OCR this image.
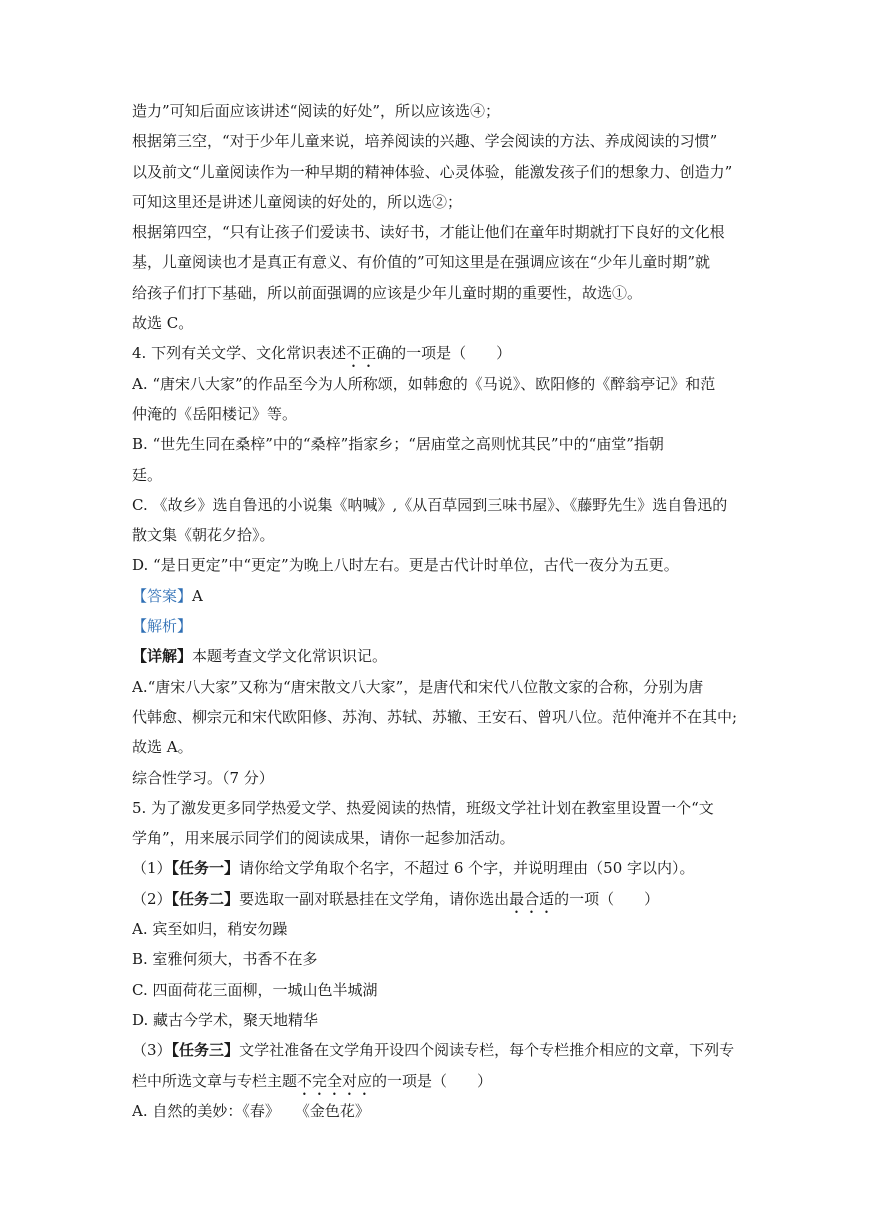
造力”可知后面应该讲述“阅读的好处”，所以应该选④；
根据第三空，“对于少年儿童来说，培养阅读的兴趣、学会阅读的方法、养成阅读的习惯”
以及前文“儿童阅读作为一种早期的精神体验、心灵体验，能激发孩子们的想象力、创造力”
可知这里还是讲述儿童阅读的好处的，所以选②；
根据第四空，“只有让孩子们爱读书、读好书，才能让他们在童年时期就打下良好的文化根
基，儿童阅读也才是真正有意义、有价值的”可知这里是在强调应该在“少年儿童时期”就
给孩子们打下基础，所以前面强调的应该是少年儿童时期的重要性，故选①。
故选 C。
4. 下列有关文学、文化常识表述不正确的一项是（　　）
A. “唐宋八大家”的作品至今为人所称颂，如韩愈的《马说》、欧阳修的《醉翁亭记》和范
仲淹的《岳阳楼记》等。
B. “世先生同在桑梓”中的“桑梓”指家乡；“居庙堂之高则忧其民”中的“庙堂”指朝
廷。
C. 《故乡》选自鲁迅的小说集《呐喊》,《从百草园到三味书屋》、《藤野先生》选自鲁迅的
散文集《朝花夕拾》。
D. “是日更定”中“更定”为晚上八时左右。更是古代计时单位，古代一夜分为五更。
【答案】A
【解析】
【详解】本题考查文学文化常识识记。
A.“唐宋八大家”又称为“唐宋散文八大家”，是唐代和宋代八位散文家的合称，分别为唐
代韩愈、柳宗元和宋代欧阳修、苏洵、苏轼、苏辙、王安石、曾巩八位。范仲淹并不在其中;
故选 A。
综合性学习。（7 分）
5. 为了激发更多同学热爱文学、热爱阅读的热情，班级文学社计划在教室里设置一个“文
学角”，用来展示同学们的阅读成果，请你一起参加活动。
（1）【任务一】请你给文学角取个名字，不超过 6 个字，并说明理由（50 字以内）。
（2）【任务二】要选取一副对联悬挂在文学角，请你选出最合适的一项（　　）
A. 宾至如归，稍安勿躁
B. 室雅何须大，书香不在多
C. 四面荷花三面柳，一城山色半城湖
D. 藏古今学术，聚天地精华
（3）【任务三】文学社准备在文学角开设四个阅读专栏，每个专栏推介相应的文章，下列专
栏中所选文章与专栏主题不完全对应的一项是（　　）
A. 自然的美妙：《春》　　《金色花》
